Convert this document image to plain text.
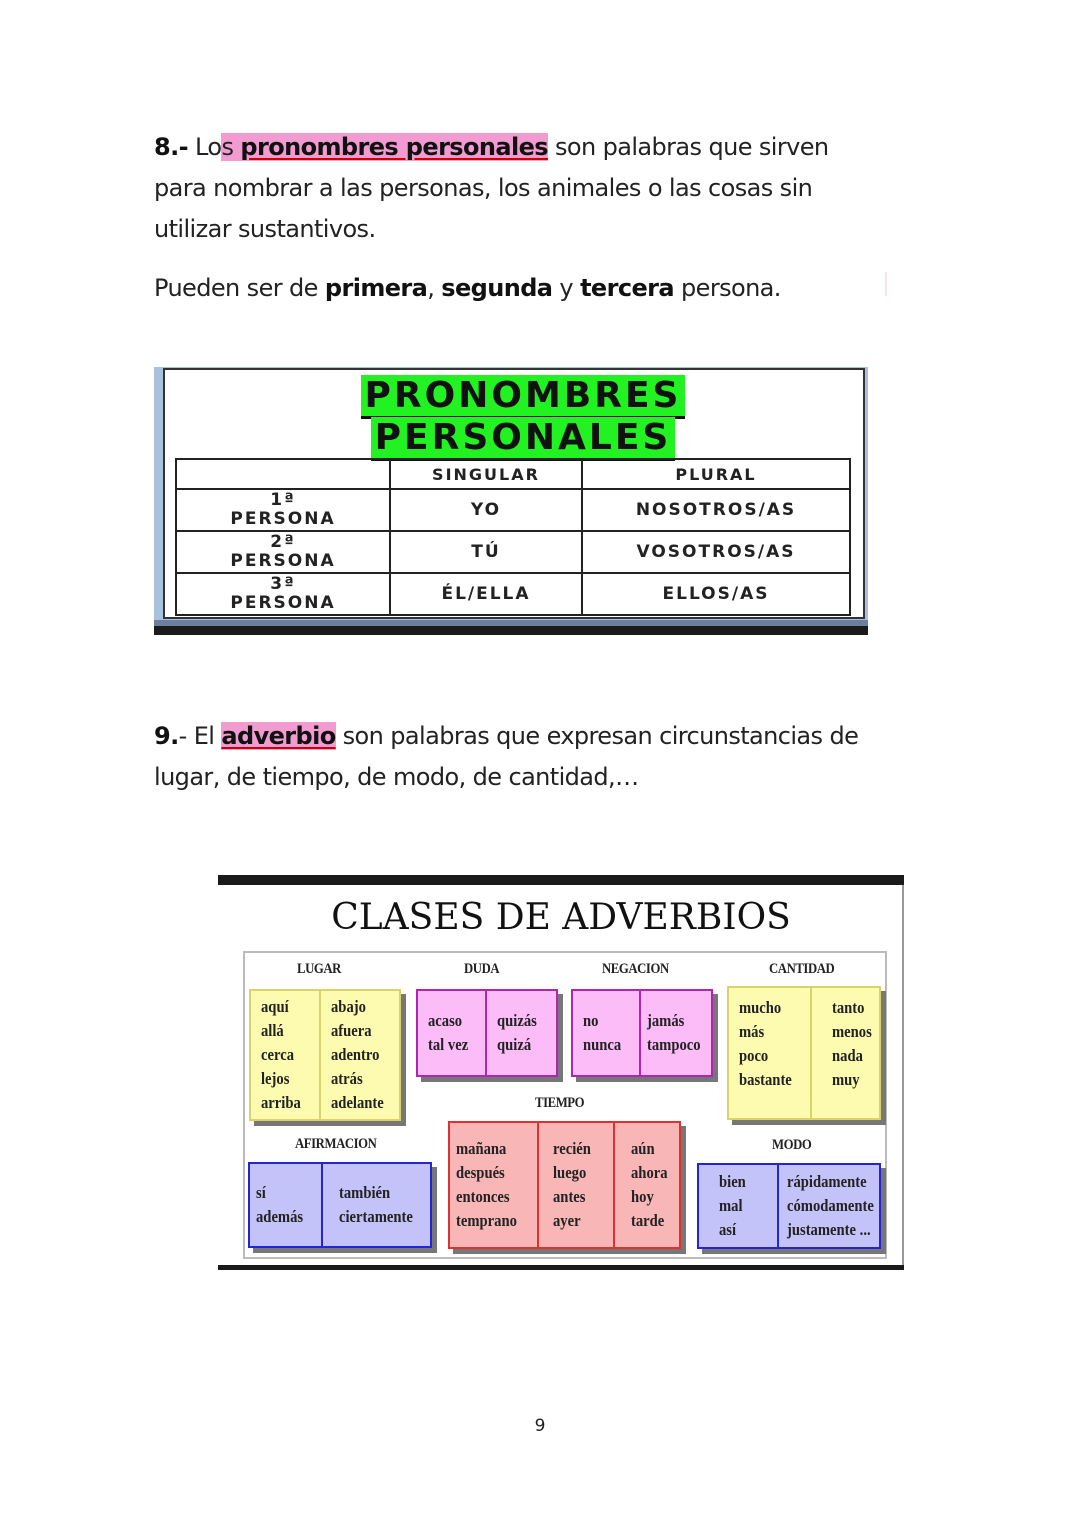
8.- Los pronombres personales son palabras que sirven para nombrar a las personas, los animales o las cosas sin utilizar sustantivos.
Pueden ser de primera, segunda y tercera persona.
PRONOMBRES
PERSONALES
	SINGULAR	PLURAL

1ª
PERSONA	YO	NOSOTROS/AS

2ª
PERSONA	TÚ	VOSOTROS/AS

3ª
PERSONA	ÉL/ELLA	ELLOS/AS
9.- El adverbio son palabras que expresan circunstancias de lugar, de tiempo, de modo, de cantidad,…
CLASES DE ADVERBIOS
LUGAR	DUDA	NEGACION	CANTIDAD
TIEMPO
AFIRMACION	MODO
aquí
allá
cerca
lejos
arriba
abajo
afuera
adentro
atrás
adelante
acaso
tal vez
quizás
quizá
no
nunca
jamás
tampoco
mucho
más
poco
bastante
tanto
menos
nada
muy
mañana
después
entonces
temprano
recién
luego
antes
ayer
aún
ahora
hoy
tarde
sí
además
también
ciertamente
bien
mal
así
rápidamente
cómodamente
justamente ...
9
